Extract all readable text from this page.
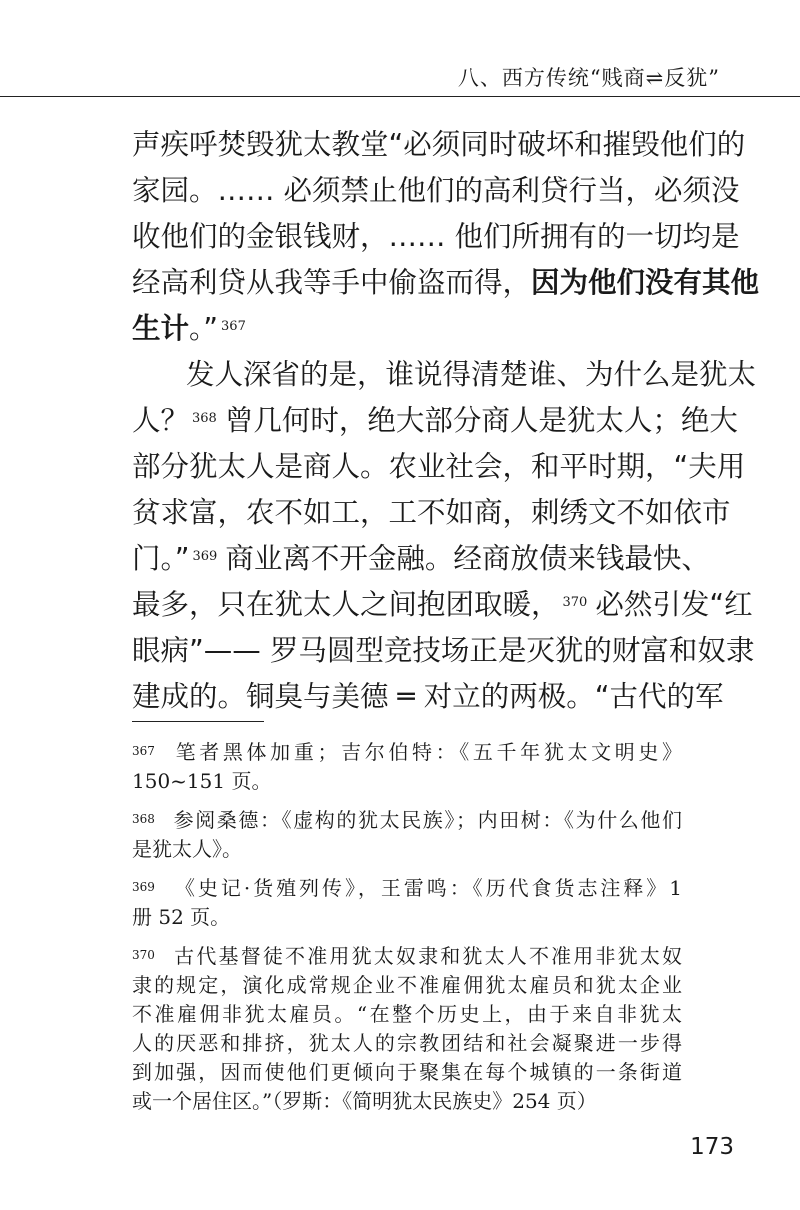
八、西方传统“贱商⇌反犹”
声疾呼焚毁犹太教堂“必须同时破坏和摧毁他们的
家园。…… 必须禁止他们的高利贷行当，必须没
收他们的金银钱财，…… 他们所拥有的一切均是
经高利贷从我等手中偷盗而得，因为他们没有其他
生计。” $^{367}$
发人深省的是，谁说得清楚谁、为什么是犹太
人？ $^{368}$ 曾几何时，绝大部分商人是犹太人；绝大
部分犹太人是商人。农业社会，和平时期，“夫用
贫求富，农不如工，工不如商，刺绣文不如依市
门。” $^{369}$ 商业离不开金融。经商放债来钱最快、
最多，只在犹太人之间抱团取暖， $^{370}$ 必然引发“红
眼病”—— 罗马圆型竞技场正是灭犹的财富和奴隶
建成的。铜臭与美德 ═ 对立的两极。“古代的军
367 笔者黑体加重；吉尔伯特：《五千年犹太文明史》
150~151 页。
368 参阅桑德：《虚构的犹太民族》；内田树：《为什么他们
是犹太人》。
369 《史记·货殖列传》，王雷鸣：《历代食货志注释》1
册 52 页。
370 古代基督徒不准用犹太奴隶和犹太人不准用非犹太奴
隶的规定，演化成常规企业不准雇佣犹太雇员和犹太企业
不准雇佣非犹太雇员。“在整个历史上，由于来自非犹太
人的厌恶和排挤，犹太人的宗教团结和社会凝聚进一步得
到加强，因而使他们更倾向于聚集在每个城镇的一条街道
或一个居住区。”（罗斯：《简明犹太民族史》254 页）
173
